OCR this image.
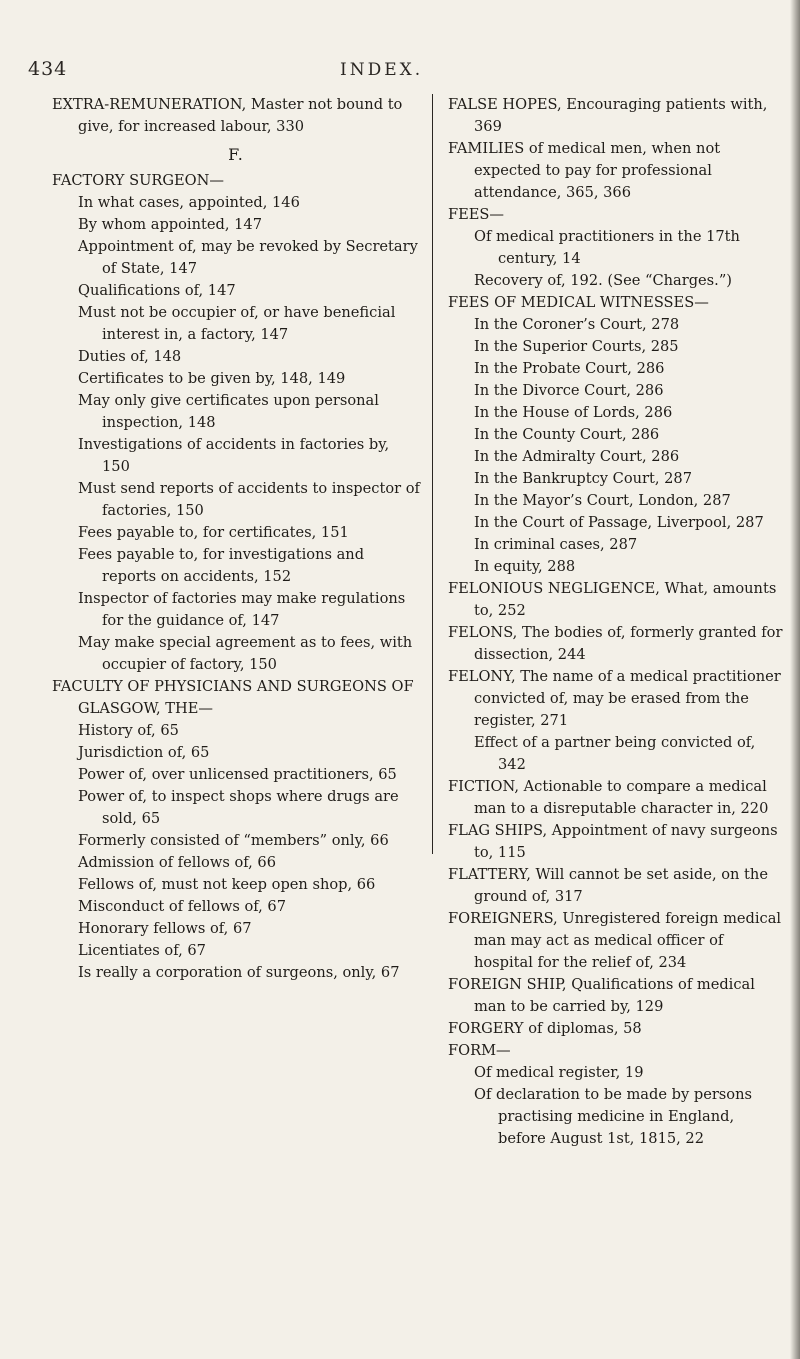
434	INDEX.
EXTRA-REMUNERATION, Master not bound to give, for increased labour, 330
F.
FACTORY SURGEON—
In what cases, appointed, 146
By whom appointed, 147
Appointment of, may be revoked by Secretary of State, 147
Qualifications of, 147
Must not be occupier of, or have beneficial interest in, a factory, 147
Duties of, 148
Certificates to be given by, 148, 149
May only give certificates upon personal inspection, 148
Investigations of accidents in factories by, 150
Must send reports of accidents to inspector of factories, 150
Fees payable to, for certificates, 151
Fees payable to, for investigations and reports on accidents, 152
Inspector of factories may make regulations for the guidance of, 147
May make special agreement as to fees, with occupier of factory, 150
FACULTY OF PHYSICIANS AND SURGEONS OF GLASGOW, THE—
History of, 65
Jurisdiction of, 65
Power of, over unlicensed practitioners, 65
Power of, to inspect shops where drugs are sold, 65
Formerly consisted of “members” only, 66
Admission of fellows of, 66
Fellows of, must not keep open shop, 66
Misconduct of fellows of, 67
Honorary fellows of, 67
Licentiates of, 67
Is really a corporation of surgeons, only, 67
FALSE HOPES, Encouraging patients with, 369
FAMILIES of medical men, when not expected to pay for professional attendance, 365, 366
FEES—
Of medical practitioners in the 17th century, 14
Recovery of, 192. (See “Charges.”)
FEES OF MEDICAL WITNESSES—
In the Coroner’s Court, 278
In the Superior Courts, 285
In the Probate Court, 286
In the Divorce Court, 286
In the House of Lords, 286
In the County Court, 286
In the Admiralty Court, 286
In the Bankruptcy Court, 287
In the Mayor’s Court, London, 287
In the Court of Passage, Liverpool, 287
In criminal cases, 287
In equity, 288
FELONIOUS NEGLIGENCE, What, amounts to, 252
FELONS, The bodies of, formerly granted for dissection, 244
FELONY, The name of a medical practitioner convicted of, may be erased from the register, 271
Effect of a partner being convicted of, 342
FICTION, Actionable to compare a medical man to a disreputable character in, 220
FLAG SHIPS, Appointment of navy surgeons to, 115
FLATTERY, Will cannot be set aside, on the ground of, 317
FOREIGNERS, Unregistered foreign medical man may act as medical officer of hospital for the relief of, 234
FOREIGN SHIP, Qualifications of medical man to be carried by, 129
FORGERY of diplomas, 58
FORM—
Of medical register, 19
Of declaration to be made by persons practising medicine in England, before August 1st, 1815, 22
